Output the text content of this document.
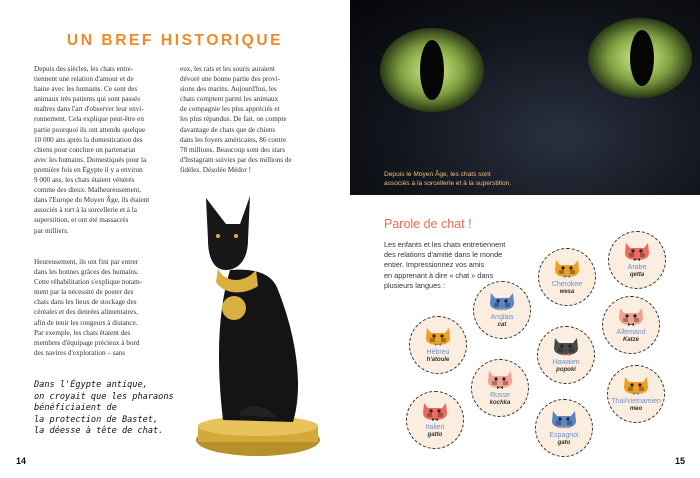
UN BREF HISTORIQUE
Depuis des siècles, les chats entre-
tiennent une relation d'amour et de
haine avec les humains. Ce sont des
animaux très patients qui sont passés
maîtres dans l'art d'observer leur envi-
ronnement. Cela explique peut-être en
partie pourquoi ils ont attendu quelque
10 000 ans après la domestication des
chiens pour conclure un partenariat
avec les humains. Domestiqués pour la
première fois en Égypte il y a environ
9 000 ans, les chats étaient vénérés
comme des dieux. Malheureusement,
dans l'Europe du Moyen Âge, ils étaient
associés à tort à la sorcellerie et à la
superstition, et ont été massacrés
par milliers.
Heureusement, ils ont fini par entrer
dans les bonnes grâces des humains.
Cette réhabilitation s'explique notam-
ment par la nécessité de poster des
chats dans les lieux de stockage des
céréales et des denrées alimentaires,
afin de tenir les rongeurs à distance.
Par exemple, les chats étaient des
membres d'équipage précieux à bord
des navires d'exploration – sans
eux, les rats et les souris auraient
dévoré une bonne partie des provi-
sions des marins. Aujourd'hui, les
chats comptent parmi les animaux
de compagnie les plus appréciés et
les plus répandus. De fait, on compte
davantage de chats que de chiens
dans les foyers américains, 86 contre
78 millions. Beaucoup sont des stars
d'Instagram suivies par des millions de
fidèles. Désolée Médor !
Dans l'Égypte antique,
on croyait que les pharaons
bénéficiaient de
la protection de Bastet,
la déesse à tête de chat.
14
Depuis le Moyen Âge, les chats sont
associés à la sorcellerie et à la superstition.
Parole de chat !
Les enfants et les chats entretiennent
des relations d'amitié dans le monde
entier. Impressionnez vos amis
en apprenant à dire « chat » dans
plusieurs langues :
Anglais
cat
Cherokee
wesa
Arabe
qetta
Allemand
Katze
Hébreu
h'atoule	Hawaien
popoki
Russe
kochka	Thaï/vietnamien
meo
Italien
gatto	Espagnol
gato
15
